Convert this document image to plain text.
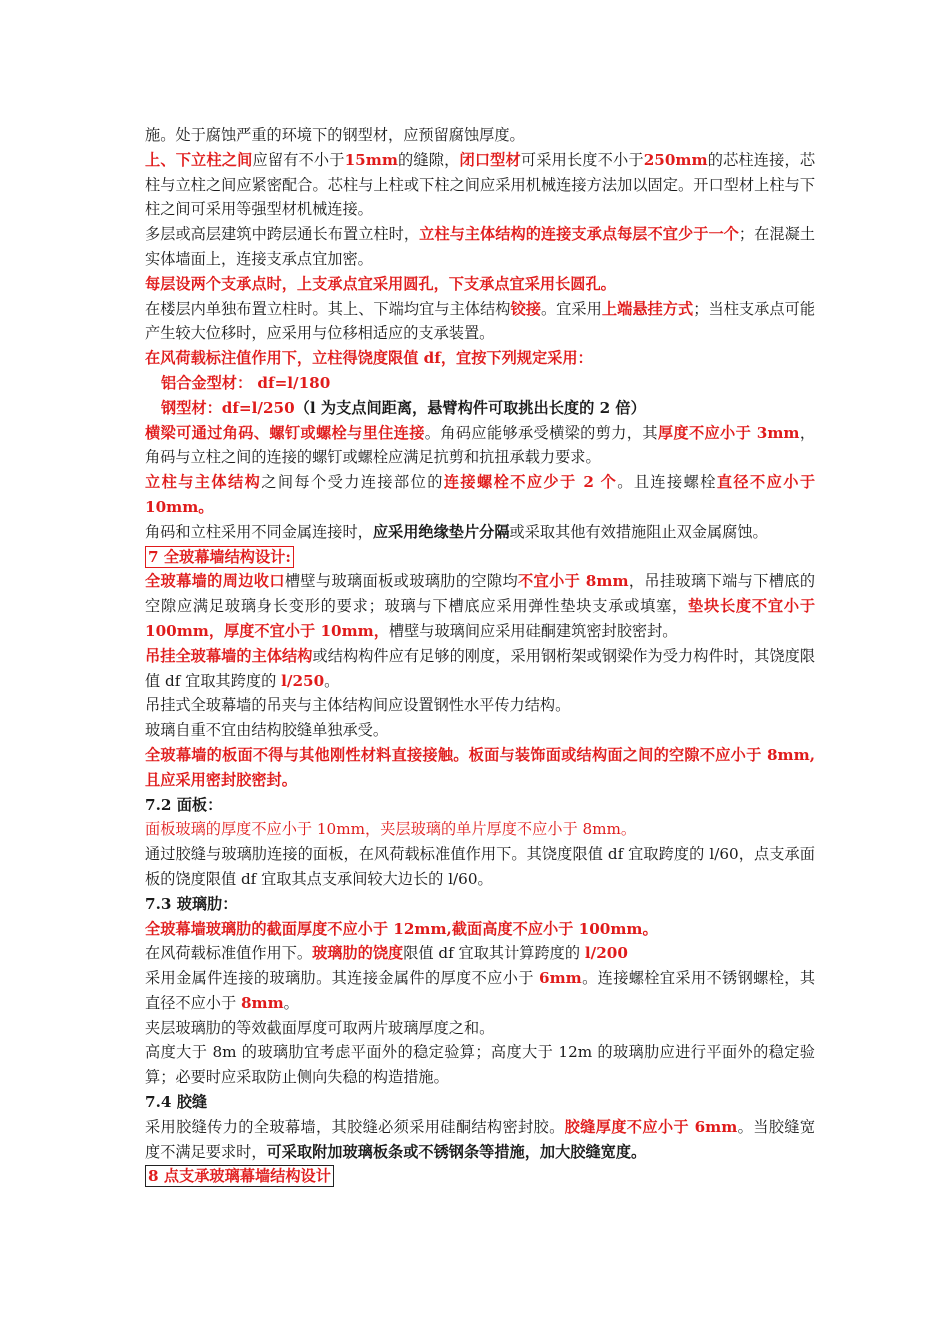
施。处于腐蚀严重的环境下的钢型材，应预留腐蚀厚度。

上、下立柱之间应留有不小于15mm的缝隙，闭口型材可采用长度不小于250mm的芯柱连接，芯柱与立柱之间应紧密配合。芯柱与上柱或下柱之间应采用机械连接方法加以固定。开口型材上柱与下柱之间可采用等强型材机械连接。

多层或高层建筑中跨层通长布置立柱时，立柱与主体结构的连接支承点每层不宜少于一个；在混凝土实体墙面上，连接支承点宜加密。

每层设两个支承点时，上支承点宜采用圆孔，下支承点宜采用长圆孔。

在楼层内单独布置立柱时。其上、下端均宜与主体结构铰接。宜采用上端悬挂方式；当柱支承点可能产生较大位移时，应采用与位移相适应的支承装置。

在风荷载标注值作用下，立柱得饶度限值 df，宜按下列规定采用：

铝合金型材： df=l/180

钢型材：df=l/250（l 为支点间距离，悬臂构件可取挑出长度的 2 倍）

横梁可通过角码、螺钉或螺栓与里住连接。角码应能够承受横梁的剪力，其厚度不应小于 3mm，角码与立柱之间的连接的螺钉或螺栓应满足抗剪和抗扭承载力要求。

立柱与主体结构之间每个受力连接部位的连接螺栓不应少于 2 个。且连接螺栓直径不应小于 10mm。

角码和立柱采用不同金属连接时，应采用绝缘垫片分隔或采取其他有效措施阻止双金属腐蚀。

7 全玻幕墙结构设计:

全玻幕墙的周边收口槽壁与玻璃面板或玻璃肋的空隙均不宜小于 8mm，吊挂玻璃下端与下槽底的空隙应满足玻璃身长变形的要求；玻璃与下槽底应采用弹性垫块支承或填塞，垫块长度不宜小于 100mm，厚度不宜小于 10mm，槽壁与玻璃间应采用硅酮建筑密封胶密封。

吊挂全玻幕墙的主体结构或结构构件应有足够的刚度，采用钢桁架或钢梁作为受力构件时，其饶度限值 df 宜取其跨度的 l/250。

吊挂式全玻幕墙的吊夹与主体结构间应设置钢性水平传力结构。

玻璃自重不宜由结构胶缝单独承受。

全玻幕墙的板面不得与其他刚性材料直接接触。板面与装饰面或结构面之间的空隙不应小于 8mm,且应采用密封胶密封。

7.2 面板：

面板玻璃的厚度不应小于 10mm，夹层玻璃的单片厚度不应小于 8mm。

通过胶缝与玻璃肋连接的面板，在风荷载标准值作用下。其饶度限值 df 宜取跨度的 l/60，点支承面板的饶度限值 df 宜取其点支承间较大边长的 l/60。

7.3 玻璃肋：

全玻幕墙玻璃肋的截面厚度不应小于 12mm,截面高度不应小于 100mm。

在风荷载标准值作用下。玻璃肋的饶度限值 df 宜取其计算跨度的 l/200

采用金属件连接的玻璃肋。其连接金属件的厚度不应小于 6mm。连接螺栓宜采用不锈钢螺栓，其直径不应小于 8mm。

夹层玻璃肋的等效截面厚度可取两片玻璃厚度之和。

高度大于 8m 的玻璃肋宜考虑平面外的稳定验算；高度大于 12m 的玻璃肋应进行平面外的稳定验算；必要时应采取防止侧向失稳的构造措施。

7.4 胶缝

采用胶缝传力的全玻幕墙，其胶缝必须采用硅酮结构密封胶。胶缝厚度不应小于 6mm。当胶缝宽度不满足要求时，可采取附加玻璃板条或不锈钢条等措施，加大胶缝宽度。

8 点支承玻璃幕墙结构设计
